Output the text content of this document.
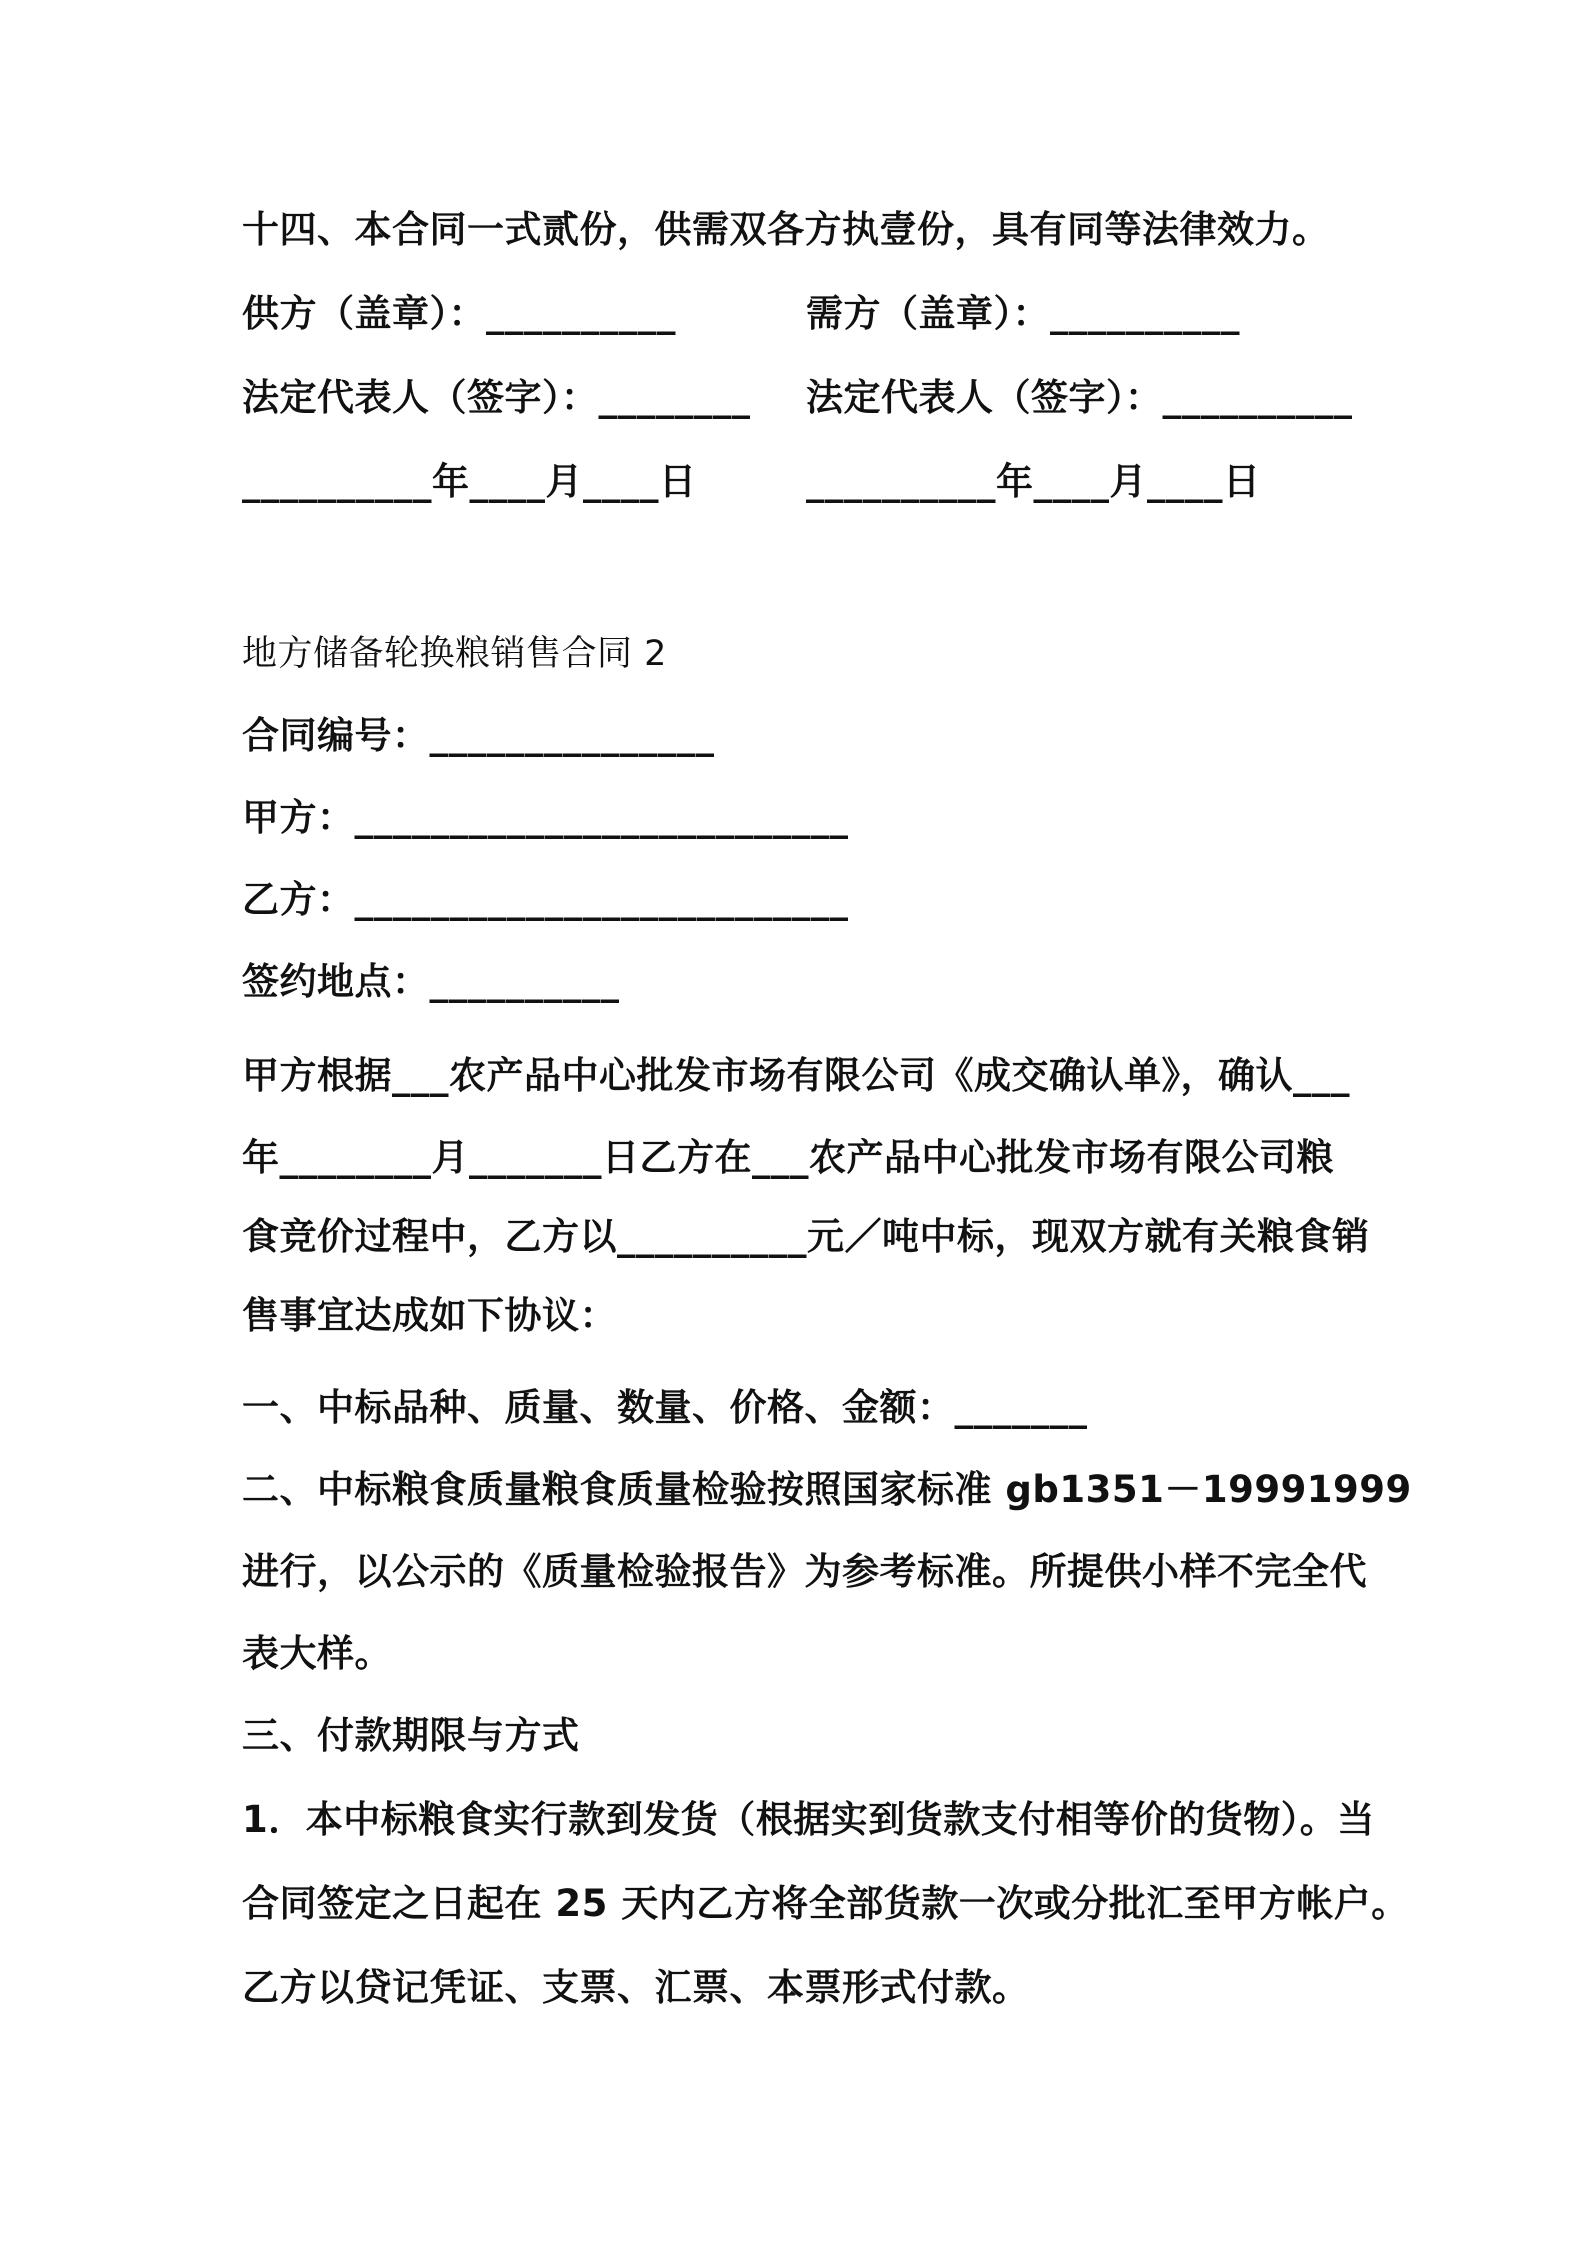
十四、本合同一式贰份，供需双各方执壹份，具有同等法律效力。
供方（盖章）：__________	需方（盖章）：__________
法定代表人（签字）：________ 法定代表人（签字）：__________
__________年____月____日	__________年____月____日
地方储备轮换粮销售合同 2
合同编号：_______________
甲方：__________________________
乙方：__________________________
签约地点：__________
甲方根据___农产品中心批发市场有限公司《成交确认单》，确认___
年________月_______日乙方在___农产品中心批发市场有限公司粮
食竞价过程中，乙方以__________元／吨中标，现双方就有关粮食销
售事宜达成如下协议：
一、中标品种、质量、数量、价格、金额：_______
二、中标粮食质量粮食质量检验按照国家标准 gb1351－19991999
进行，以公示的《质量检验报告》为参考标准。所提供小样不完全代
表大样。
三、付款期限与方式
1．本中标粮食实行款到发货（根据实到货款支付相等价的货物）。当
合同签定之日起在 25 天内乙方将全部货款一次或分批汇至甲方帐户。
乙方以贷记凭证、支票、汇票、本票形式付款。
